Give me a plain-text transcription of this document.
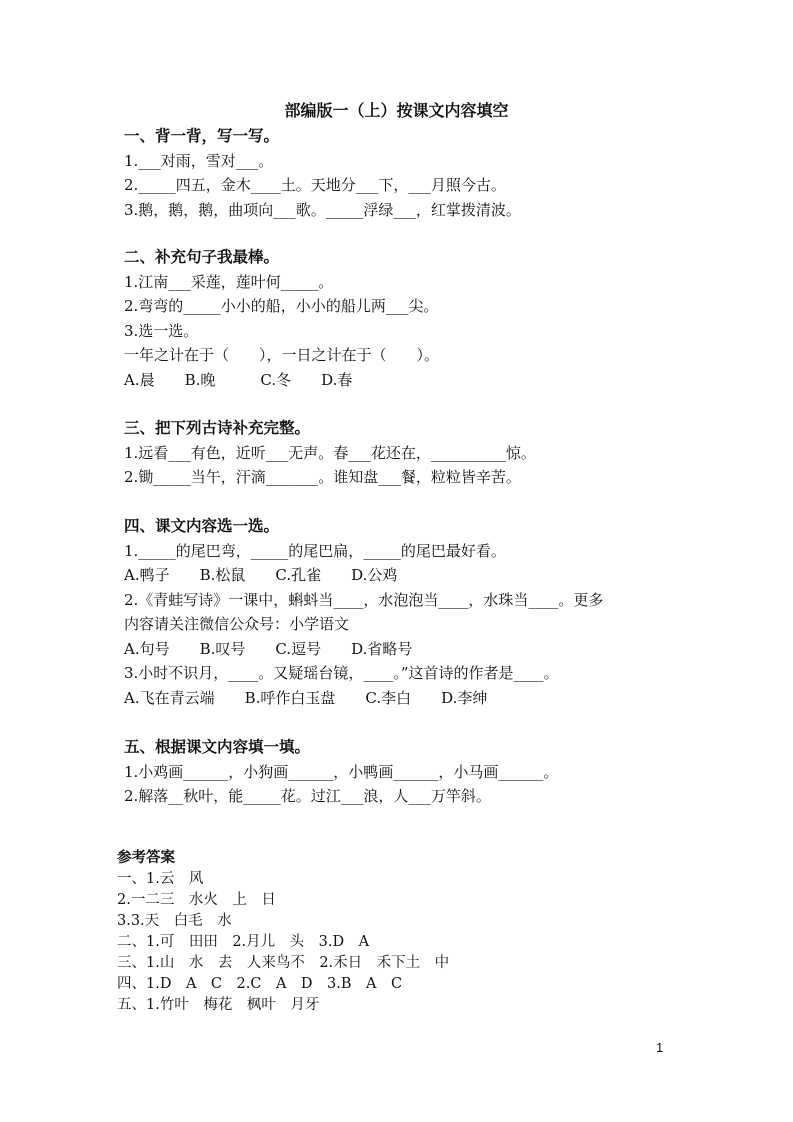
部编版一（上）按课文内容填空
一、背一背，写一写。
1.___对雨，雪对___。
2._____四五，金木____土。天地分___下，___月照今古。
3.鹅，鹅，鹅，曲项向___歌。_____浮绿___，红掌拨清波。
二、补充句子我最棒。
1.江南___采莲，莲叶何_____。
2.弯弯的_____小小的船，小小的船儿两___尖。
3.选一选。
一年之计在于（　　），一日之计在于（　　）。
A.晨　　B.晚　　　C.冬　　D.春
三、把下列古诗补充完整。
1.远看___有色，近听___无声。春___花还在，__________惊。
2.锄_____当午，汗滴_______。谁知盘___餐，粒粒皆辛苦。
四、课文内容选一选。
1._____的尾巴弯，_____的尾巴扁，_____的尾巴最好看。
A.鸭子　　B.松鼠　　C.孔雀　　D.公鸡
2.《青蛙写诗》一课中，蝌蚪当____，水泡泡当____，水珠当____。更多
内容请关注微信公众号：小学语文
A.句号　　B.叹号　　C.逗号　　D.省略号
3.小时不识月，____。又疑瑶台镜，____。”这首诗的作者是____。
A.飞在青云端　　B.呼作白玉盘　　C.李白　　D.李绅
五、根据课文内容填一填。
1.小鸡画______，小狗画______，小鸭画______，小马画______。
2.解落__秋叶，能_____花。过江___浪，人___万竿斜。
参考答案
一、1.云　风
2.一二三　水火　上　日
3.3.天　白毛　水
二、1.可　田田　2.月儿　头　3.D　A
三、1.山　水　去　人来鸟不　2.禾日　禾下土　中
四、1.D　A　C　2.C　A　D　3.B　A　C
五、1.竹叶　梅花　枫叶　月牙
1
